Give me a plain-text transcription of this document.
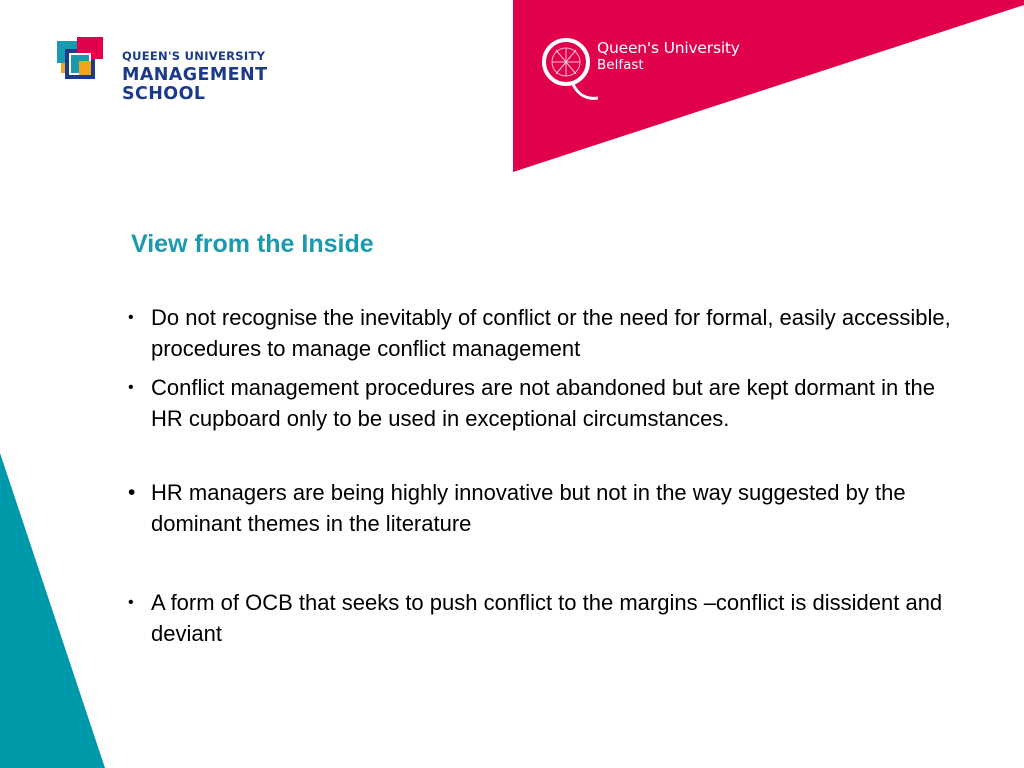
QUEEN'S UNIVERSITY
MANAGEMENT
SCHOOL
Queen's University
Belfast
View from the Inside
• Do not recognise the inevitably of conflict or the need for formal, easily accessible, procedures to manage conflict management
• Conflict management procedures are not abandoned but are kept dormant in the HR cupboard only to be used in exceptional circumstances.
• HR managers are being highly innovative but not in the way suggested by the dominant themes in the literature
• A form of OCB that seeks to push conflict to the margins –conflict is dissident and deviant
